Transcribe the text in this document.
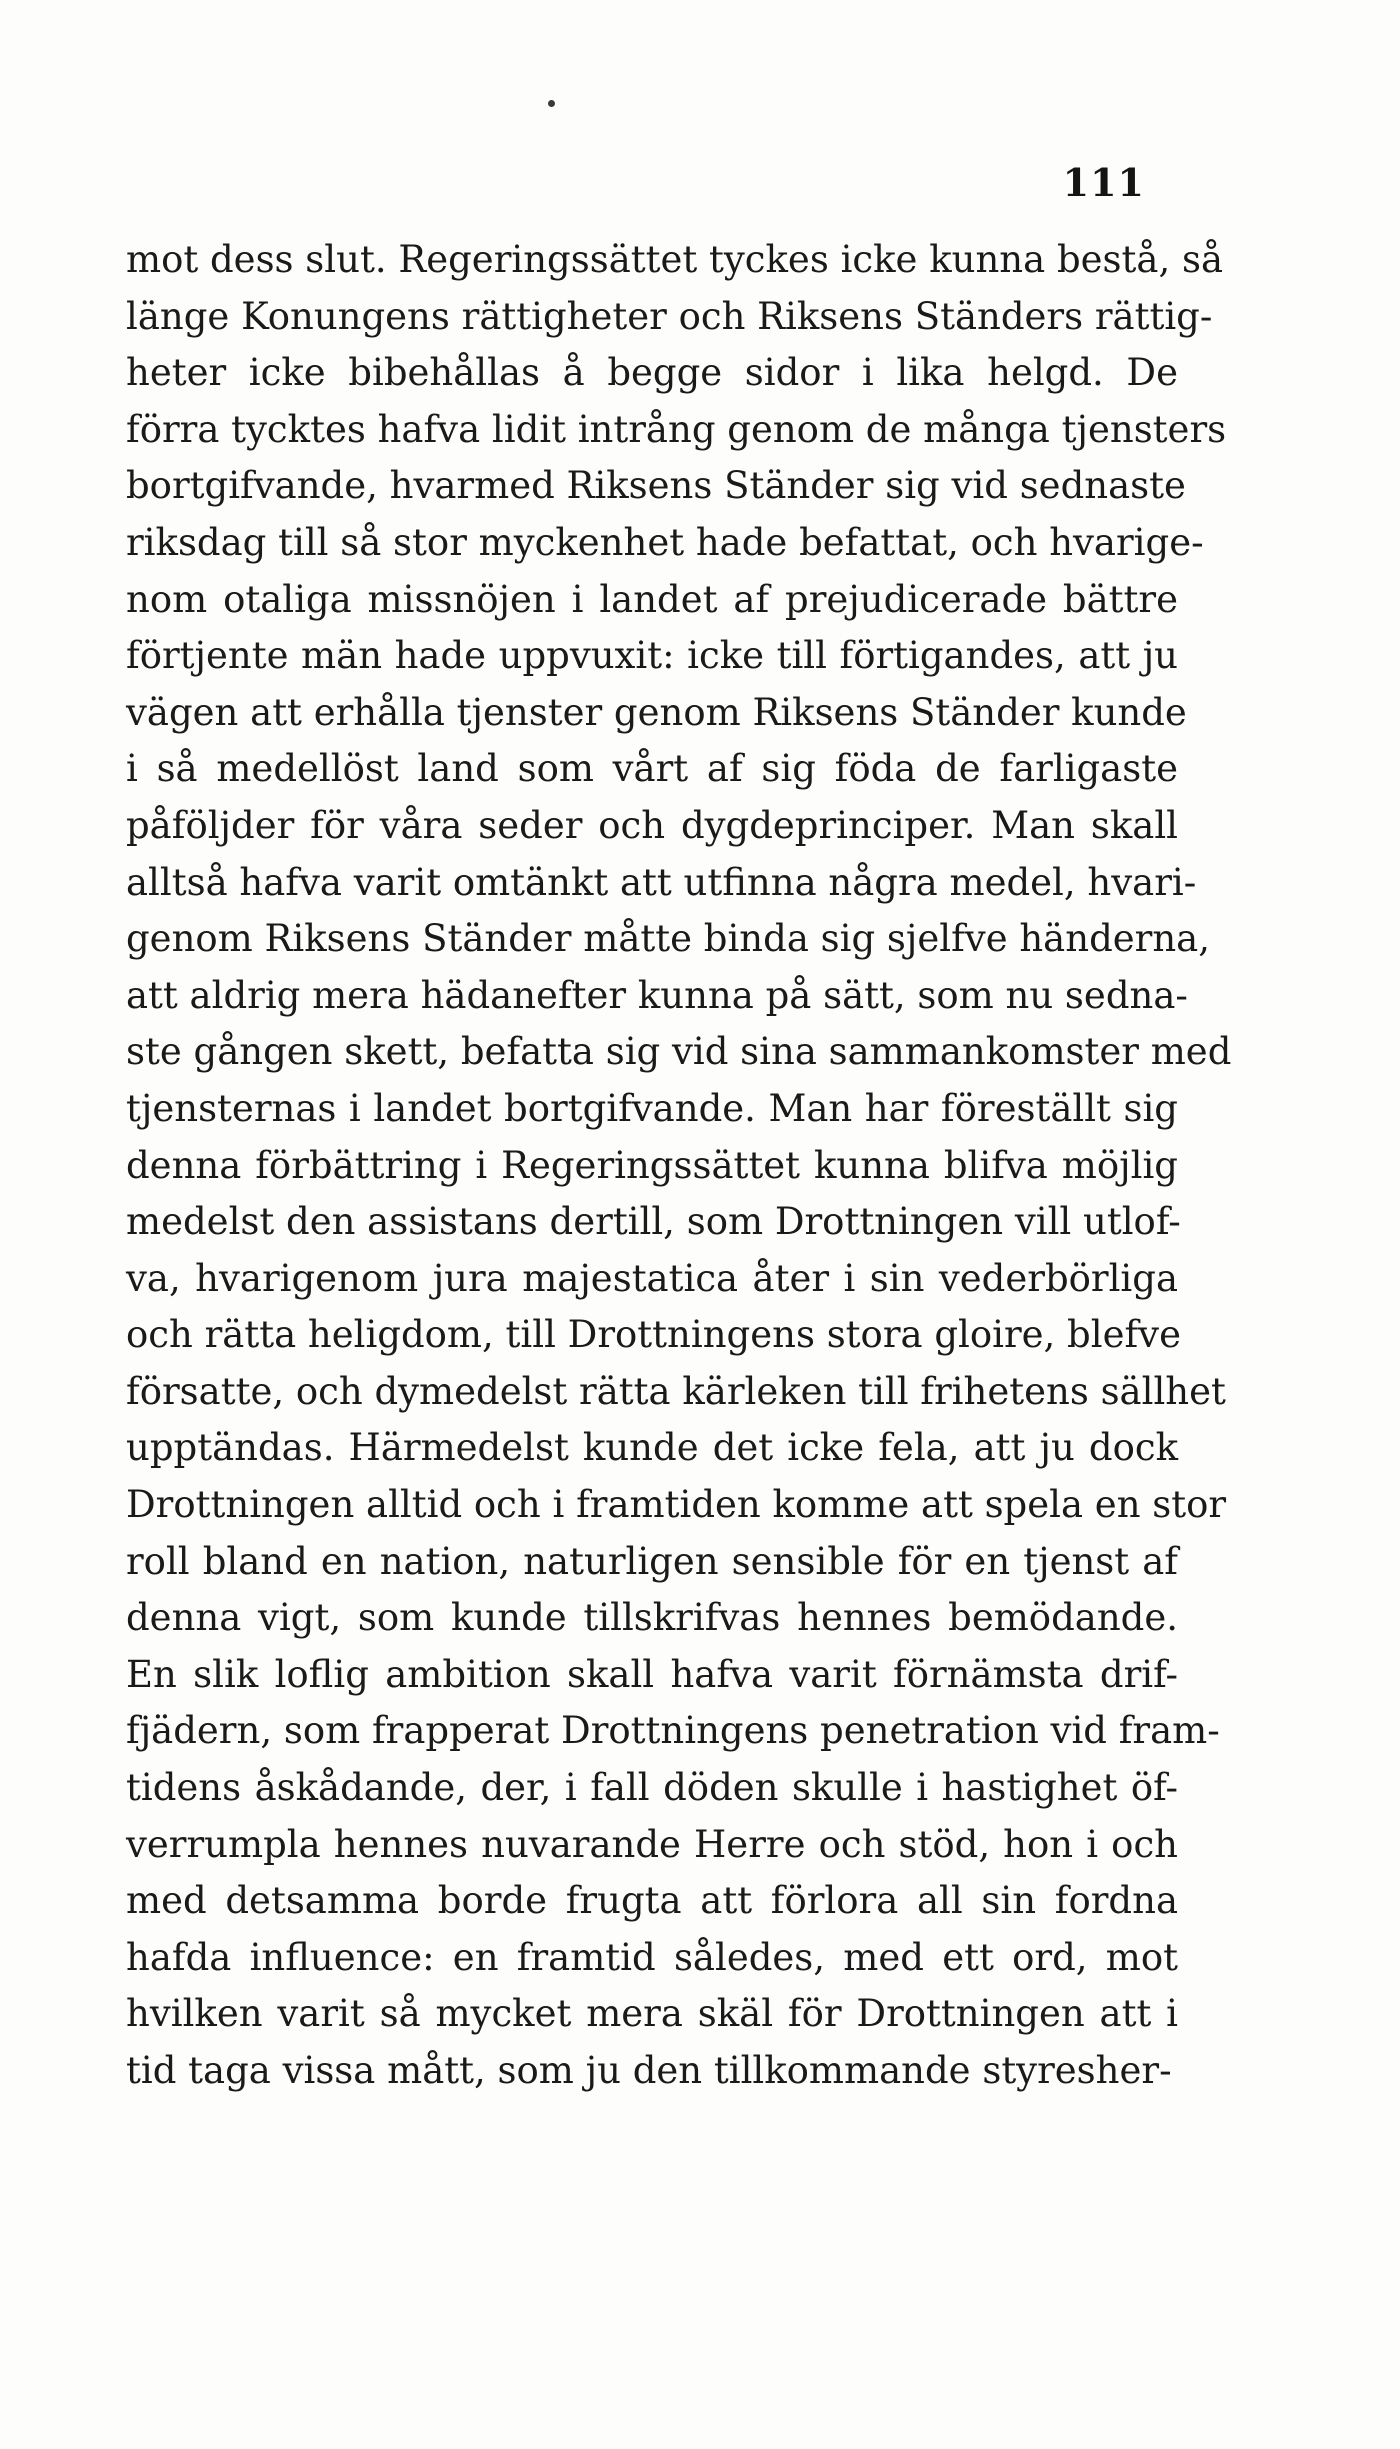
111
mot dess slut. Regeringssättet tyckes icke kunna bestå, så
länge Konungens rättigheter och Riksens Ständers rättig-
heter icke bibehållas å begge sidor i lika helgd. De
förra tycktes hafva lidit intrång genom de många tjensters
bortgifvande, hvarmed Riksens Ständer sig vid sednaste
riksdag till så stor myckenhet hade befattat, och hvarige-
nom otaliga missnöjen i landet af prejudicerade bättre
förtjente män hade uppvuxit: icke till förtigandes, att ju
vägen att erhålla tjenster genom Riksens Ständer kunde
i så medellöst land som vårt af sig föda de farligaste
påföljder för våra seder och dygdeprinciper. Man skall
alltså hafva varit omtänkt att utfinna några medel, hvari-
genom Riksens Ständer måtte binda sig sjelfve händerna,
att aldrig mera hädanefter kunna på sätt, som nu sedna-
ste gången skett, befatta sig vid sina sammankomster med
tjensternas i landet bortgifvande. Man har föreställt sig
denna förbättring i Regeringssättet kunna blifva möjlig
medelst den assistans dertill, som Drottningen vill utlof-
va, hvarigenom jura majestatica åter i sin vederbörliga
och rätta heligdom, till Drottningens stora gloire, blefve
försatte, och dymedelst rätta kärleken till frihetens sällhet
upptändas. Härmedelst kunde det icke fela, att ju dock
Drottningen alltid och i framtiden komme att spela en stor
roll bland en nation, naturligen sensible för en tjenst af
denna vigt, som kunde tillskrifvas hennes bemödande.
En slik loflig ambition skall hafva varit förnämsta drif-
fjädern, som frapperat Drottningens penetration vid fram-
tidens åskådande, der, i fall döden skulle i hastighet öf-
verrumpla hennes nuvarande Herre och stöd, hon i och
med detsamma borde frugta att förlora all sin fordna
hafda influence: en framtid således, med ett ord, mot
hvilken varit så mycket mera skäl för Drottningen att i
tid taga vissa mått, som ju den tillkommande styresher-
